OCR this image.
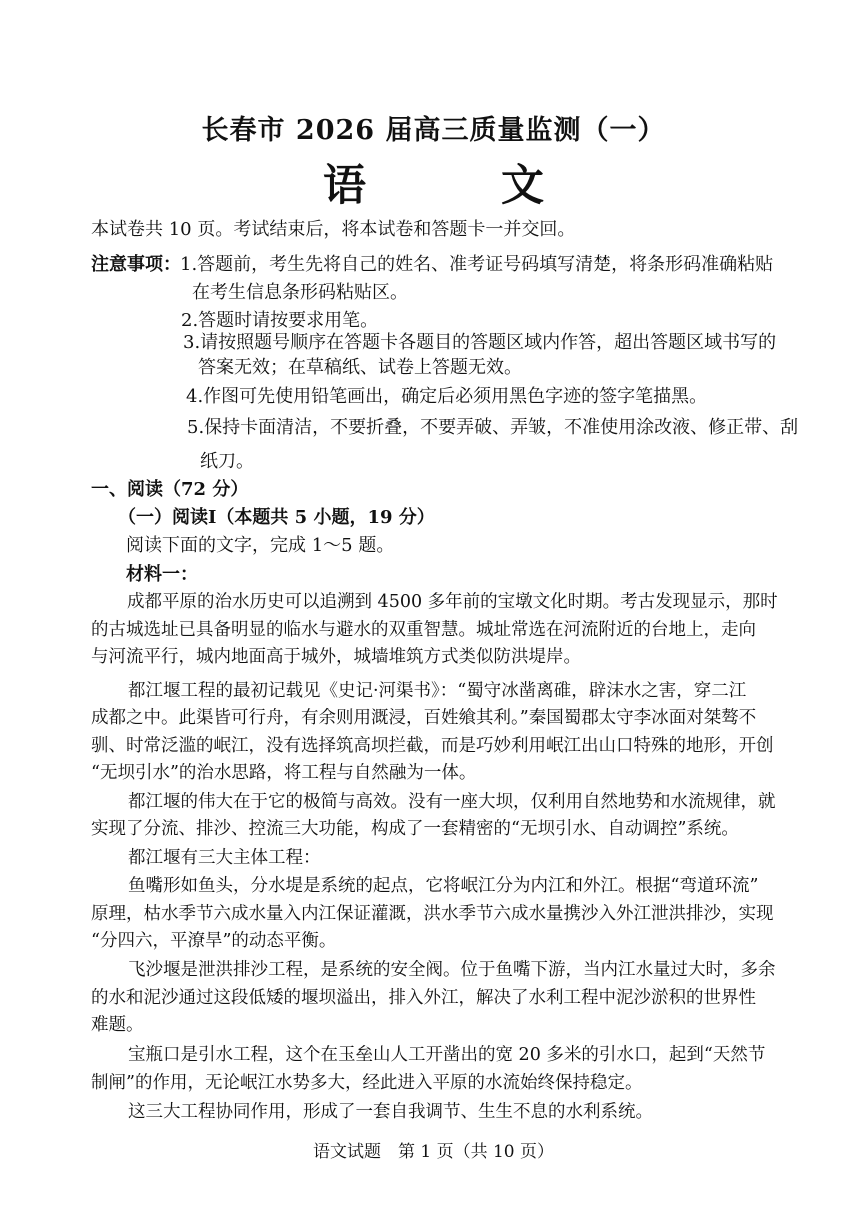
长春市 2026 届高三质量监测（一）
语 文
本试卷共 10 页。考试结束后，将本试卷和答题卡一并交回。
注意事项： 1.答题前，考生先将自己的姓名、准考证号码填写清楚，将条形码准确粘贴
在考生信息条形码粘贴区。
2.答题时请按要求用笔。
3.请按照题号顺序在答题卡各题目的答题区域内作答，超出答题区域书写的
答案无效；在草稿纸、试卷上答题无效。
4.作图可先使用铅笔画出，确定后必须用黑色字迹的签字笔描黑。
5.保持卡面清洁，不要折叠，不要弄破、弄皱，不准使用涂改液、修正带、刮
纸刀。
一、阅读（72 分）
（一）阅读I（本题共 5 小题，19 分）
阅读下面的文字，完成 1～5 题。
材料一：
成都平原的治水历史可以追溯到 4500 多年前的宝墩文化时期。考古发现显示，那时
的古城选址已具备明显的临水与避水的双重智慧。城址常选在河流附近的台地上，走向
与河流平行，城内地面高于城外，城墙堆筑方式类似防洪堤岸。
都江堰工程的最初记载见《史记·河渠书》：“蜀守冰凿离碓，辟沫水之害，穿二江
成都之中。此渠皆可行舟，有余则用溉浸，百姓飨其利。”秦国蜀郡太守李冰面对桀骜不
驯、时常泛滥的岷江，没有选择筑高坝拦截，而是巧妙利用岷江出山口特殊的地形，开创
“无坝引水”的治水思路，将工程与自然融为一体。
都江堰的伟大在于它的极简与高效。没有一座大坝，仅利用自然地势和水流规律，就
实现了分流、排沙、控流三大功能，构成了一套精密的“无坝引水、自动调控”系统。
都江堰有三大主体工程：
鱼嘴形如鱼头，分水堤是系统的起点，它将岷江分为内江和外江。根据“弯道环流”
原理，枯水季节六成水量入内江保证灌溉，洪水季节六成水量携沙入外江泄洪排沙，实现
“分四六，平潦旱”的动态平衡。
飞沙堰是泄洪排沙工程，是系统的安全阀。位于鱼嘴下游，当内江水量过大时，多余
的水和泥沙通过这段低矮的堰坝溢出，排入外江，解决了水利工程中泥沙淤积的世界性
难题。
宝瓶口是引水工程，这个在玉垒山人工开凿出的宽 20 多米的引水口，起到“天然节
制闸”的作用，无论岷江水势多大，经此进入平原的水流始终保持稳定。
这三大工程协同作用，形成了一套自我调节、生生不息的水利系统。
语文试题　第 1 页（共 10 页）
